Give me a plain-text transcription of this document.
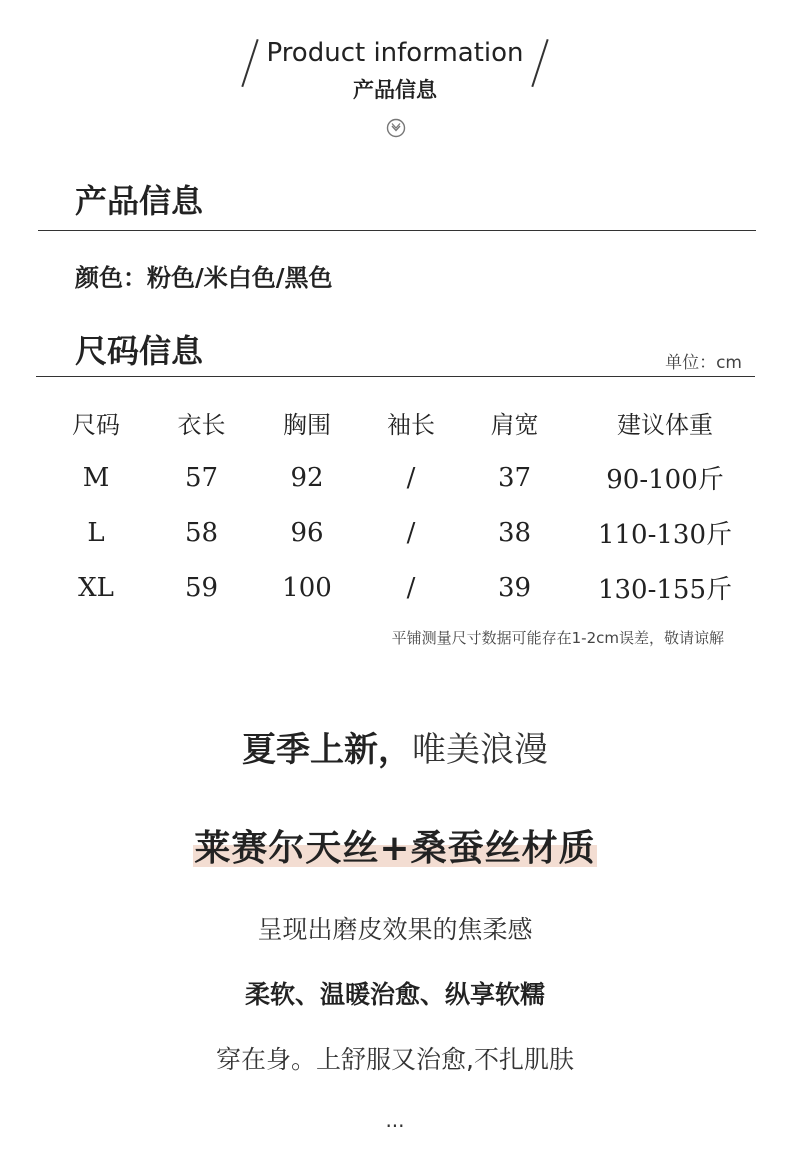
Product information
产品信息
产品信息
颜色：粉色/米白色/黑色
尺码信息	单位：cm
尺码	衣长	胸围	袖长	肩宽	建议体重
M	57	92	/	37	90-100斤
L	58	96	/	38	110-130斤
XL	59	100	/	39	130-155斤
平铺测量尺寸数据可能存在1-2cm误差，敬请谅解
夏季上新，唯美浪漫
莱赛尔天丝+桑蚕丝材质
呈现出磨皮效果的焦柔感
柔软、温暖治愈、纵享软糯
穿在身。上舒服又治愈,不扎肌肤
...
